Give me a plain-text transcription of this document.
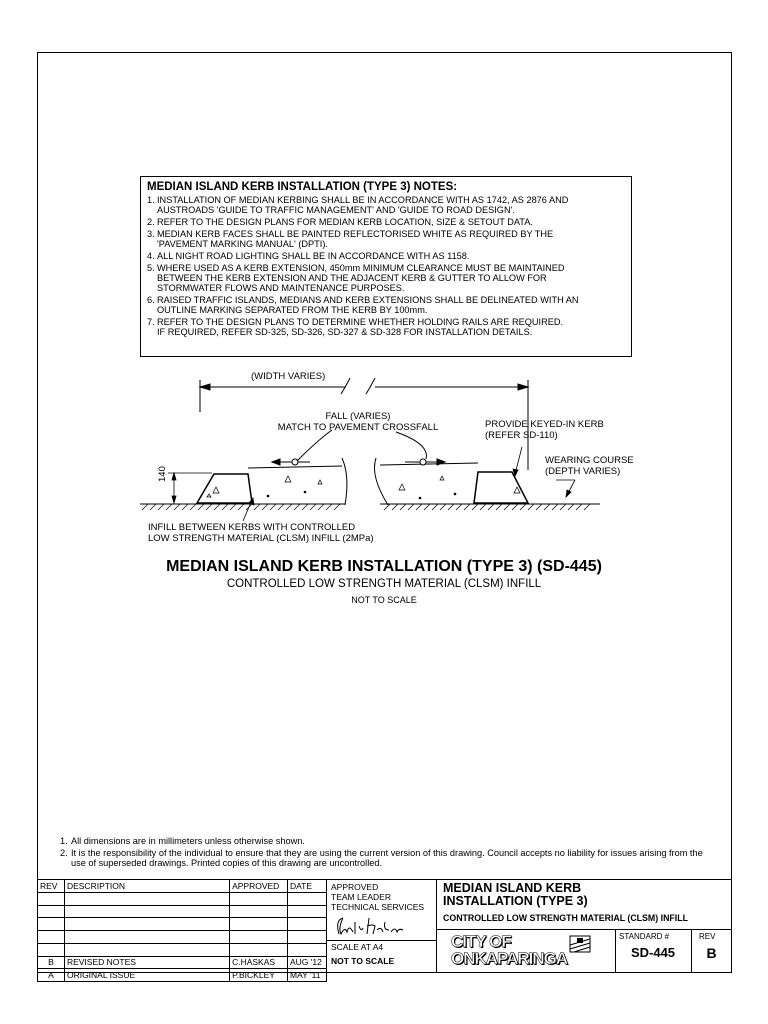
MEDIAN ISLAND KERB INSTALLATION (TYPE 3) NOTES:
1. INSTALLATION OF MEDIAN KERBING SHALL BE IN ACCORDANCE WITH AS 1742, AS 2876 AND
AUSTROADS 'GUIDE TO TRAFFIC MANAGEMENT' AND 'GUIDE TO ROAD DESIGN'.
2. REFER TO THE DESIGN PLANS FOR MEDIAN KERB LOCATION, SIZE & SETOUT DATA.
3. MEDIAN KERB FACES SHALL BE PAINTED REFLECTORISED WHITE AS REQUIRED BY THE
'PAVEMENT MARKING MANUAL' (DPTI).
4. ALL NIGHT ROAD LIGHTING SHALL BE IN ACCORDANCE WITH AS 1158.
5. WHERE USED AS A KERB EXTENSION, 450mm MINIMUM CLEARANCE MUST BE MAINTAINED
BETWEEN THE KERB EXTENSION AND THE ADJACENT KERB & GUTTER TO ALLOW FOR
STORMWATER FLOWS AND MAINTENANCE PURPOSES.
6. RAISED TRAFFIC ISLANDS, MEDIANS AND KERB EXTENSIONS SHALL BE DELINEATED WITH AN
OUTLINE MARKING SEPARATED FROM THE KERB BY 100mm.
7. REFER TO THE DESIGN PLANS TO DETERMINE WHETHER HOLDING RAILS ARE REQUIRED.
IF REQUIRED, REFER SD-325, SD-326, SD-327 & SD-328 FOR INSTALLATION DETAILS.
(WIDTH VARIES)
FALL (VARIES)
MATCH TO PAVEMENT CROSSFALL	PROVIDE KEYED-IN KERB
(REFER SD-110)
WEARING COURSE
(DEPTH VARIES)
140
INFILL BETWEEN KERBS WITH CONTROLLED
LOW STRENGTH MATERIAL (CLSM) INFILL (2MPa)
MEDIAN ISLAND KERB INSTALLATION (TYPE 3) (SD-445)
CONTROLLED LOW STRENGTH MATERIAL (CLSM) INFILL
NOT TO SCALE
1. All dimensions are in millimeters unless otherwise shown.
2. It is the responsibility of the individual to ensure that they are using the current version of this drawing. Council accepts no liability for issues arising from the use of superseded drawings. Printed copies of this drawing are uncontrolled.
REV	DESCRIPTION	APPROVED	DATE

B	REVISED NOTES	C.HASKAS	AUG '12
A	ORIGINAL ISSUE	P.BICKLEY	MAY '11
APPROVED
TEAM LEADER
TECHNICAL SERVICES
SCALE AT A4
NOT TO SCALE
MEDIAN ISLAND KERB
INSTALLATION (TYPE 3)
CONTROLLED LOW STRENGTH MATERIAL (CLSM) INFILL
CITY OF
ONKAPARINGA
STANDARD #
SD-445
REV
B
